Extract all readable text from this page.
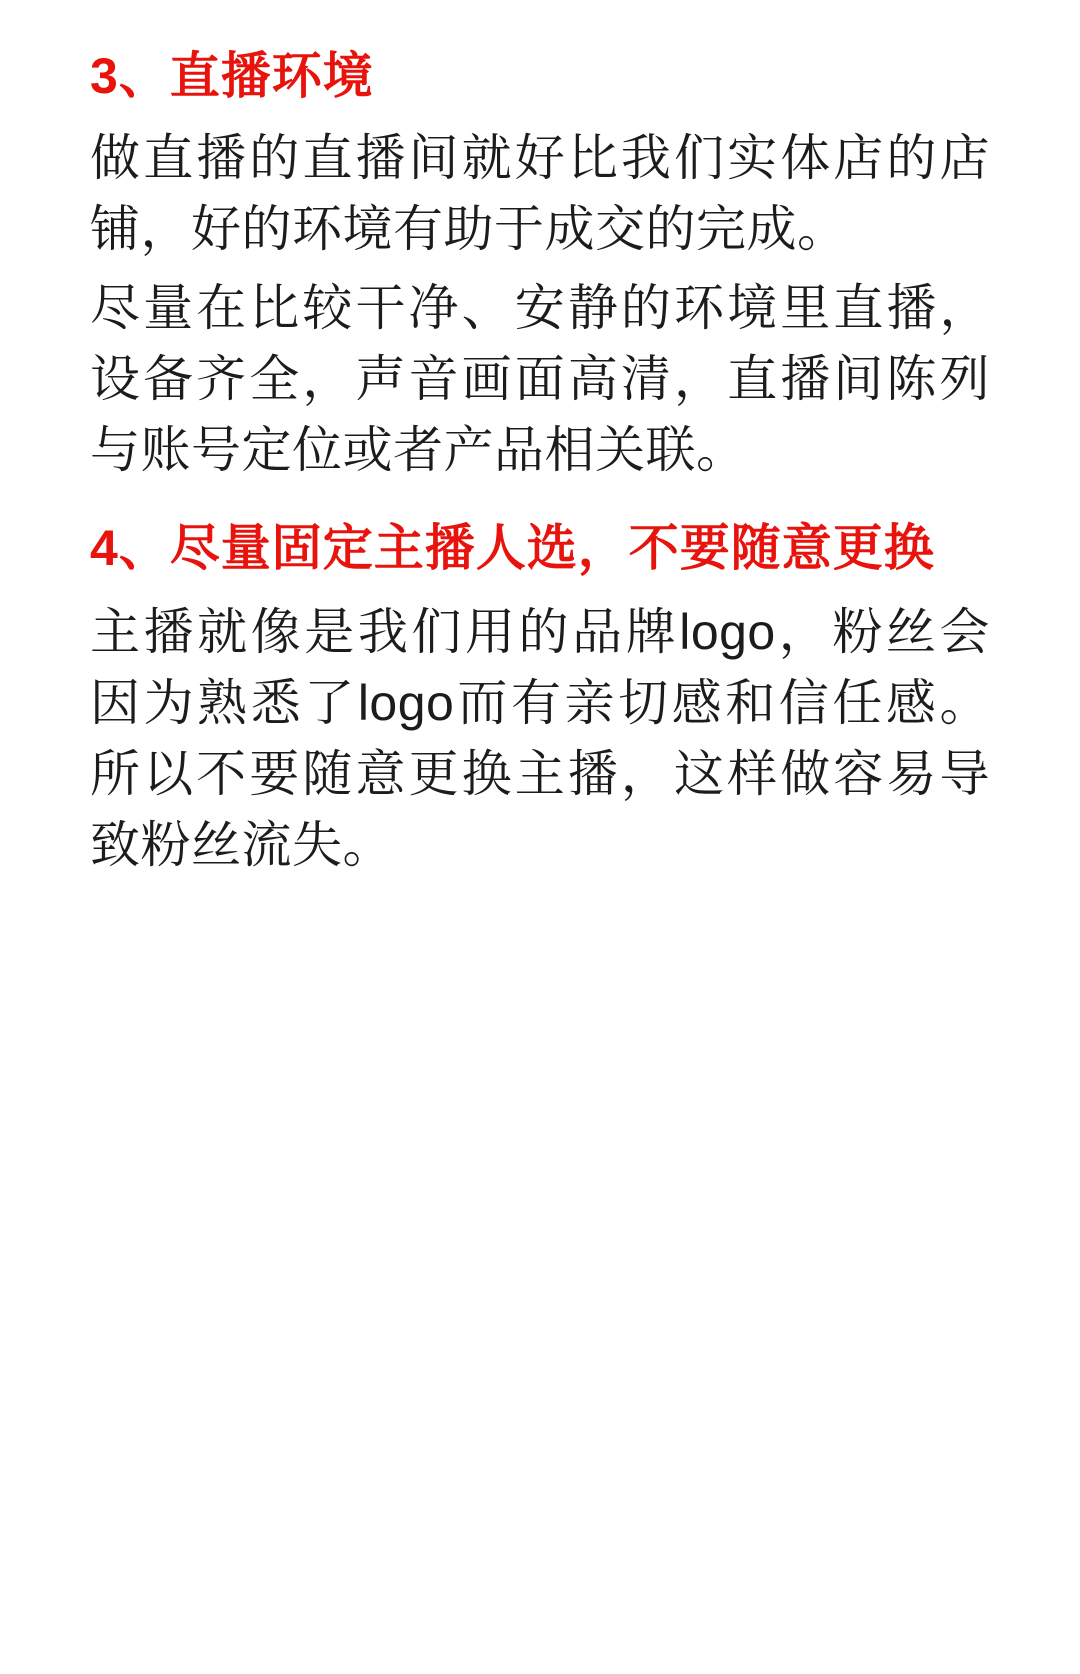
3、直播环境

做直播的直播间就好比我们实体店的店铺，好的环境有助于成交的完成。

尽量在比较干净、安静的环境里直播，设备齐全，声音画面高清，直播间陈列与账号定位或者产品相关联。

4、尽量固定主播人选，不要随意更换

主播就像是我们用的品牌logo，粉丝会因为熟悉了logo而有亲切感和信任感。所以不要随意更换主播，这样做容易导致粉丝流失。
